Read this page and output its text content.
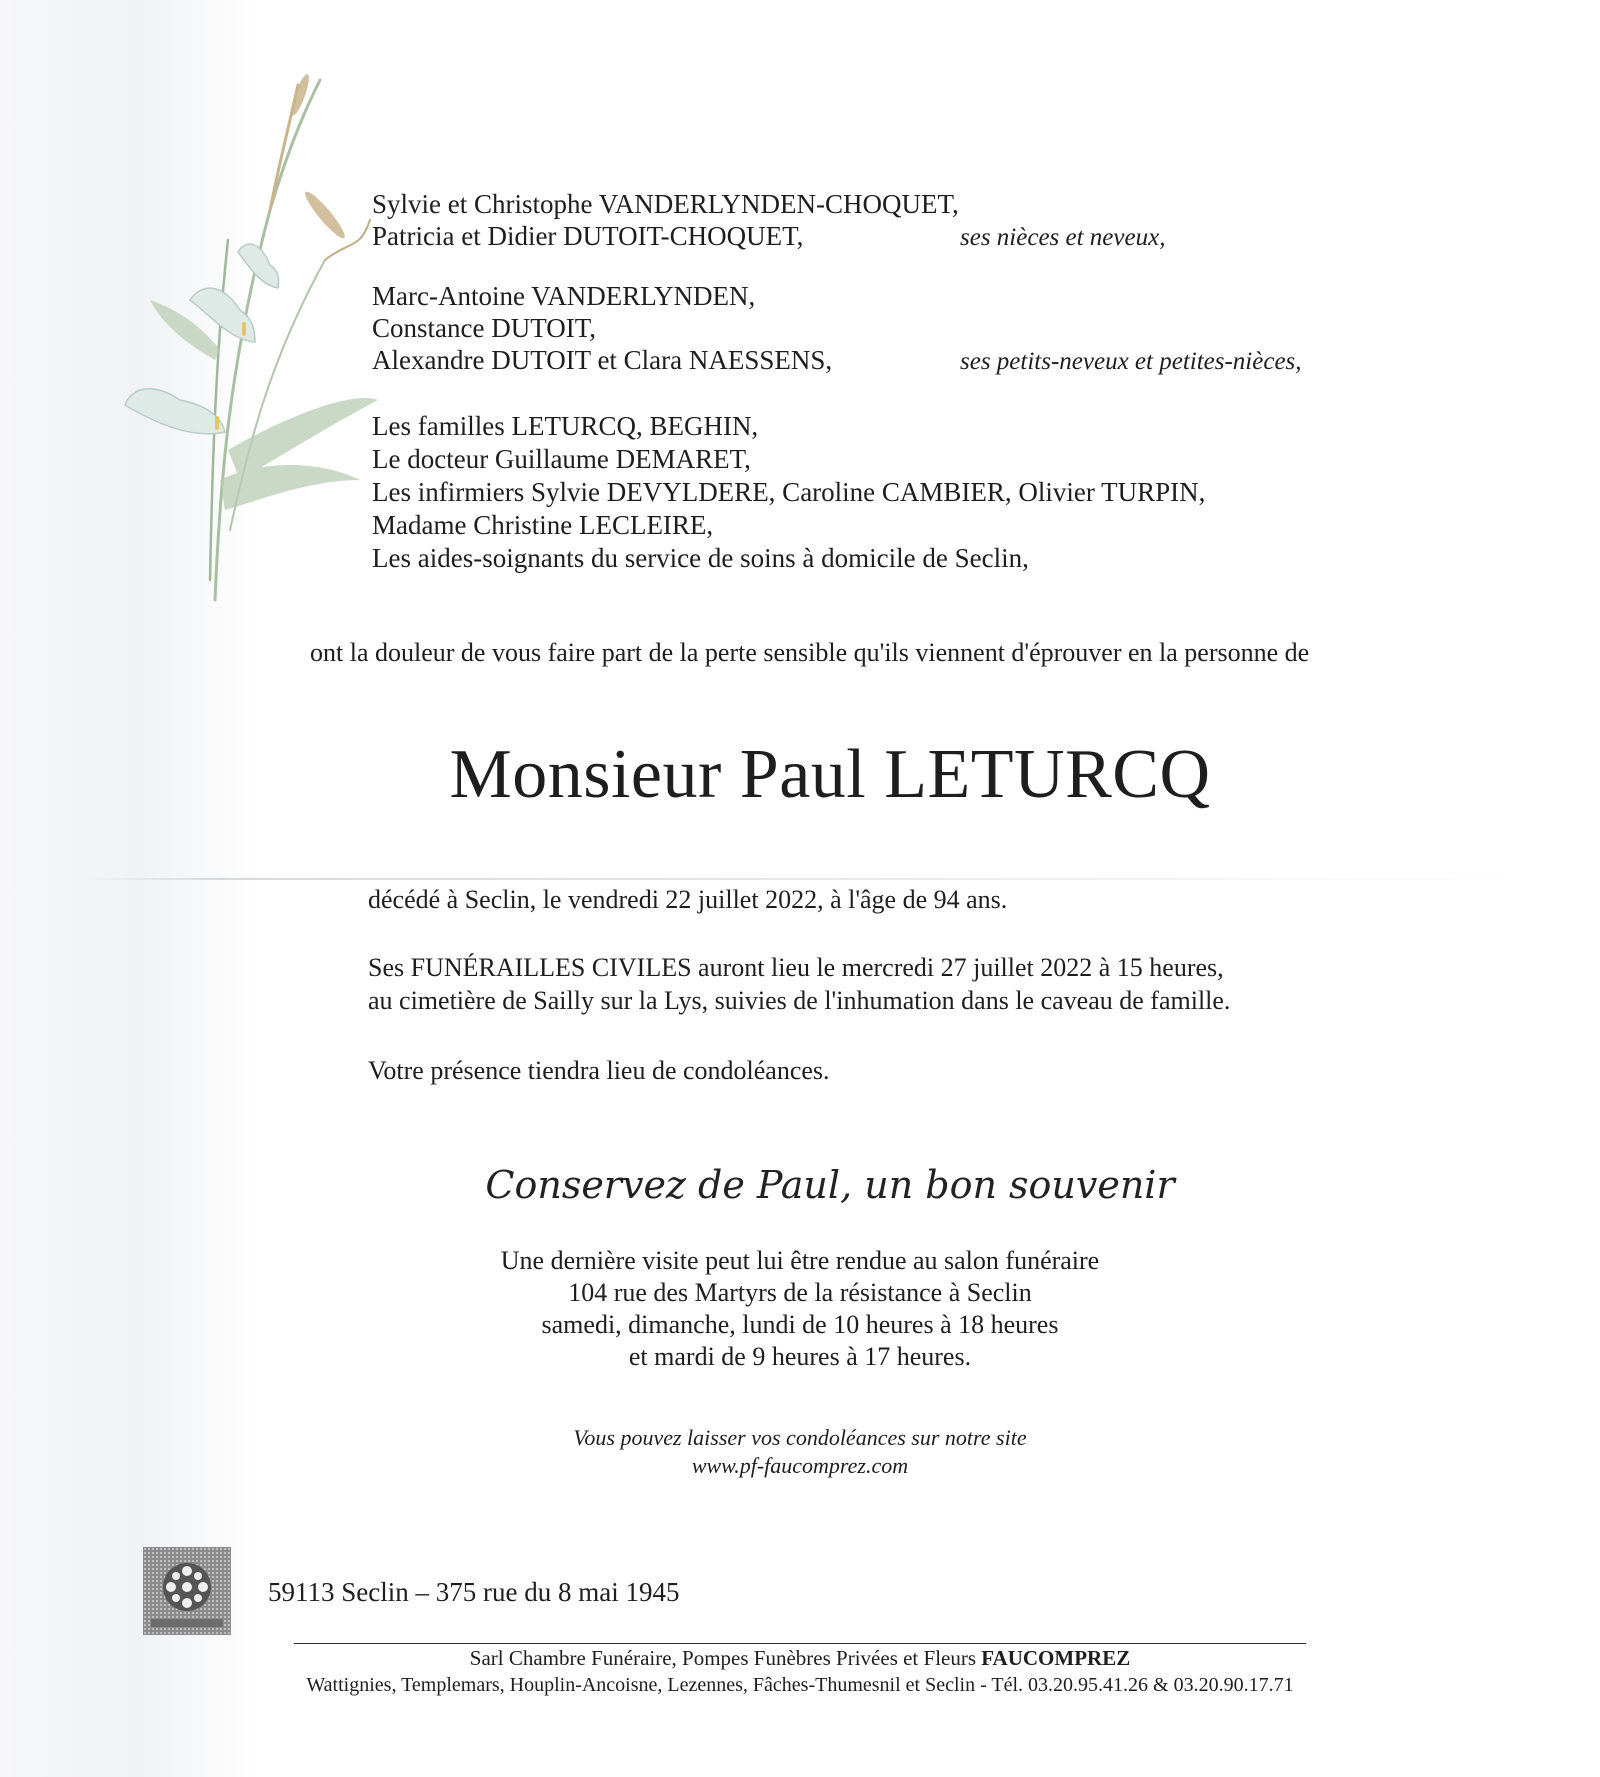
Sylvie et Christophe VANDERLYNDEN-CHOQUET,
Patricia et Didier DUTOIT-CHOQUET,	ses nièces et neveux,
Marc-Antoine VANDERLYNDEN,
Constance DUTOIT,
Alexandre DUTOIT et Clara NAESSENS,	ses petits-neveux et petites-nièces,
Les familles LETURCQ, BEGHIN,
Le docteur Guillaume DEMARET,
Les infirmiers Sylvie DEVYLDERE, Caroline CAMBIER, Olivier TURPIN,
Madame Christine LECLEIRE,
Les aides-soignants du service de soins à domicile de Seclin,
ont la douleur de vous faire part de la perte sensible qu'ils viennent d'éprouver en la personne de
Monsieur Paul LETURCQ
décédé à Seclin, le vendredi 22 juillet 2022, à l'âge de 94 ans.
Ses FUNÉRAILLES CIVILES auront lieu le mercredi 27 juillet 2022 à 15 heures,
au cimetière de Sailly sur la Lys, suivies de l'inhumation dans le caveau de famille.
Votre présence tiendra lieu de condoléances.
Conservez de Paul, un bon souvenir
Une dernière visite peut lui être rendue au salon funéraire
104 rue des Martyrs de la résistance à Seclin
samedi, dimanche, lundi de 10 heures à 18 heures
et mardi de 9 heures à 17 heures.
Vous pouvez laisser vos condoléances sur notre site
www.pf-faucomprez.com
59113 Seclin – 375 rue du 8 mai 1945
Sarl Chambre Funéraire, Pompes Funèbres Privées et Fleurs FAUCOMPREZ
Wattignies, Templemars, Houplin-Ancoisne, Lezennes, Fâches-Thumesnil et Seclin - Tél. 03.20.95.41.26 & 03.20.90.17.71
